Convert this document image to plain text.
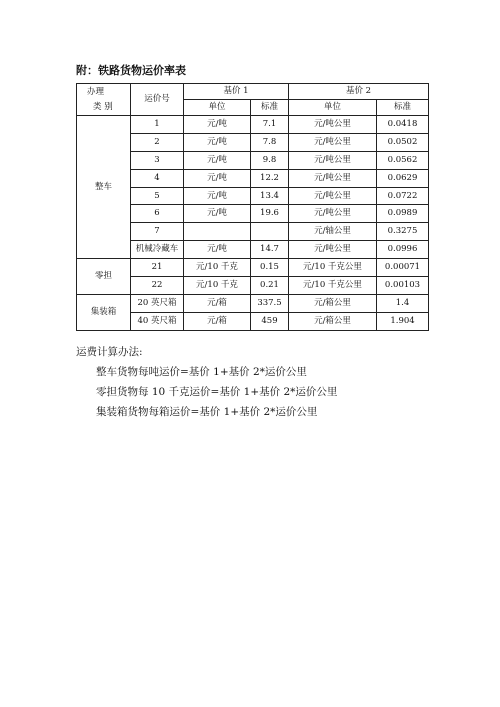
附：铁路货物运价率表
办理
类 别	运价号	基价 1		基价 2	
		单位	标准	单位	标准
整车	1	元/吨	7.1	元/吨公里	0.0418
	2	元/吨	7.8	元/吨公里	0.0502
	3	元/吨	9.8	元/吨公里	0.0562
	4	元/吨	12.2	元/吨公里	0.0629
	5	元/吨	13.4	元/吨公里	0.0722
	6	元/吨	19.6	元/吨公里	0.0989
	7			元/轴公里	0.3275
	机械冷藏车	元/吨	14.7	元/吨公里	0.0996
零担	21	元/10 千克	0.15	元/10 千克公里	0.00071
	22	元/10 千克	0.21	元/10 千克公里	0.00103
集装箱	20 英尺箱	元/箱	337.5	元/箱公里	1.4
	40 英尺箱	元/箱	459	元/箱公里	1.904
运费计算办法:
整车货物每吨运价=基价 1+基价 2*运价公里
零担货物每 10 千克运价=基价 1+基价 2*运价公里
集装箱货物每箱运价=基价 1+基价 2*运价公里
